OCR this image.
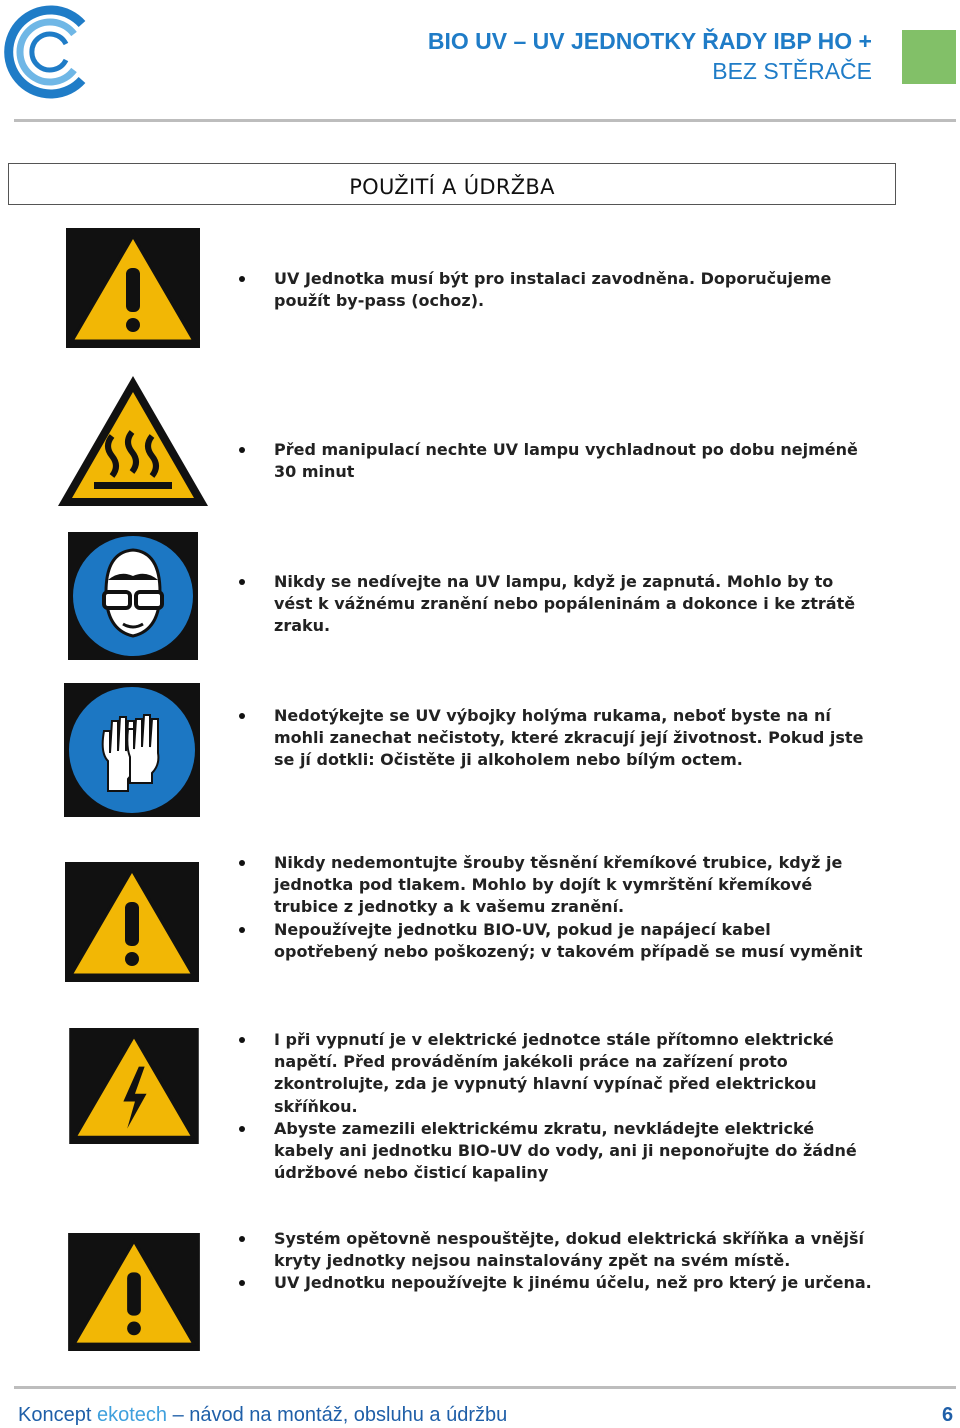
BIO UV – UV JEDNOTKY ŘADY IBP HO +
BEZ STĚRAČE
POUŽITÍ A ÚDRŽBA
UV Jednotka musí být pro instalaci zavodněna. Doporučujeme použít by-pass (ochoz).
Před manipulací nechte UV lampu vychladnout po dobu nejméně 30 minut
Nikdy se nedívejte na UV lampu, když je zapnutá. Mohlo by to vést k vážnému zranění nebo popáleninám a dokonce i ke ztrátě zraku.
Nedotýkejte se UV výbojky holýma rukama, neboť byste na ní mohli zanechat nečistoty, které zkracují její životnost. Pokud jste se jí dotkli: Očistěte ji alkoholem nebo bílým octem.
Nikdy nedemontujte šrouby těsnění křemíkové trubice, když je jednotka pod tlakem. Mohlo by dojít k vymrštění křemíkové trubice z jednotky a k vašemu zranění.
Nepoužívejte jednotku BIO-UV, pokud je napájecí kabel opotřebený nebo poškozený; v takovém případě se musí vyměnit
I při vypnutí je v elektrické jednotce stále přítomno elektrické napětí. Před prováděním jakékoli práce na zařízení proto zkontrolujte, zda je vypnutý hlavní vypínač před elektrickou skříňkou.
Abyste zamezili elektrickému zkratu, nevkládejte elektrické kabely ani jednotku BIO-UV do vody, ani ji neponořujte do žádné údržbové nebo čisticí kapaliny
Systém opětovně nespouštějte, dokud elektrická skříňka a vnější kryty jednotky nejsou nainstalovány zpět na svém místě.
UV Jednotku nepoužívejte k jinému účelu, než pro který je určena.
Koncept ekotech – návod na montáž, obsluhu a údržbu	6
